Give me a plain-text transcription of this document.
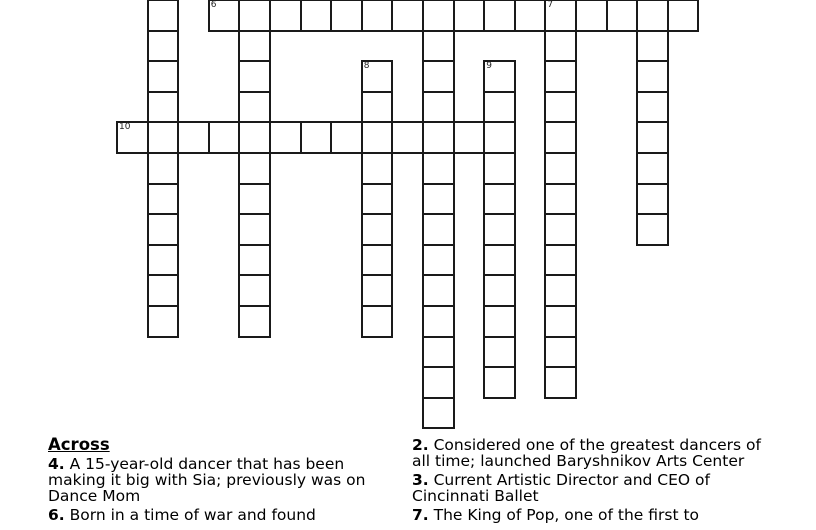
6	7
8	9
10
Across
4. A 15-year-old dancer that has been making it big with Sia; previously was on Dance Mom
6. Born in a time of war and found
2. Considered one of the greatest dancers of all time; launched Baryshnikov Arts Center
3. Current Artistic Director and CEO of Cincinnati Ballet
7. The King of Pop, one of the first to
